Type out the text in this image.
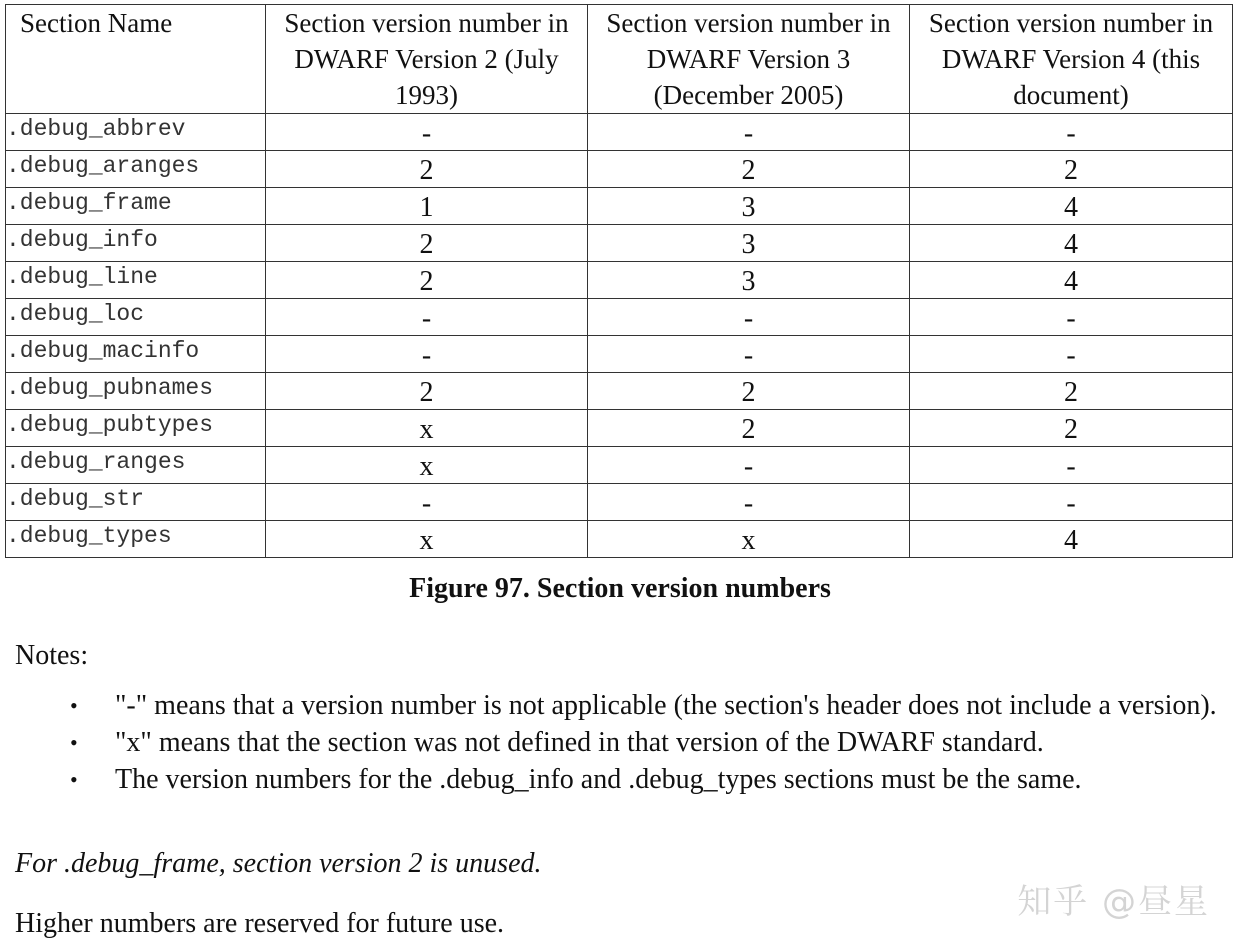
Section Name	Section version number in DWARF Version 2 (July 1993)	Section version number in DWARF Version 3 (December 2005)	Section version number in DWARF Version 4 (this document)
.debug_abbrev	-	-	-
.debug_aranges	2	2	2
.debug_frame	1	3	4
.debug_info	2	3	4
.debug_line	2	3	4
.debug_loc	-	-	-
.debug_macinfo	-	-	-
.debug_pubnames	2	2	2
.debug_pubtypes	x	2	2
.debug_ranges	x	-	-
.debug_str	-	-	-
.debug_types	x	x	4
Figure 97. Section version numbers
Notes:
• "-" means that a version number is not applicable (the section's header does not include a version).
• "x" means that the section was not defined in that version of the DWARF standard.
• The version numbers for the .debug_info and .debug_types sections must be the same.
For .debug_frame, section version 2 is unused.
Higher numbers are reserved for future use.
知乎 @昼星
